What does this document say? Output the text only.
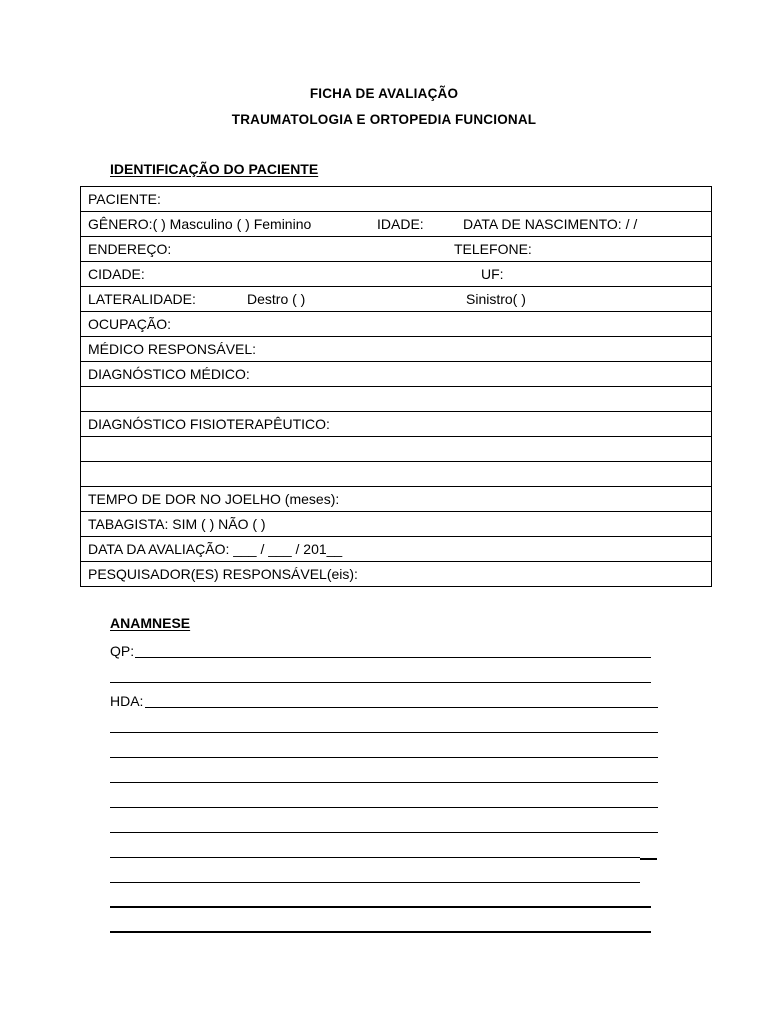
FICHA DE AVALIAÇÃO
TRAUMATOLOGIA E ORTOPEDIA FUNCIONAL
IDENTIFICAÇÃO DO PACIENTE
PACIENTE:

GÊNERO:( ) Masculino ( ) Feminino	IDADE:	DATA DE NASCIMENTO: / /

ENDEREÇO:	TELEFONE:

CIDADE:	UF:

LATERALIDADE:	Destro ( )	Sinistro( )

OCUPAÇÃO:
MÉDICO RESPONSÁVEL:
DIAGNÓSTICO MÉDICO:

DIAGNÓSTICO FISIOTERAPÊUTICO:

TEMPO DE DOR NO JOELHO (meses):
TABAGISTA: SIM ( ) NÃO ( )
DATA DA AVALIAÇÃO: ___ / ___ / 201__
PESQUISADOR(ES) RESPONSÁVEL(eis):
ANAMNESE
QP:
HDA:
